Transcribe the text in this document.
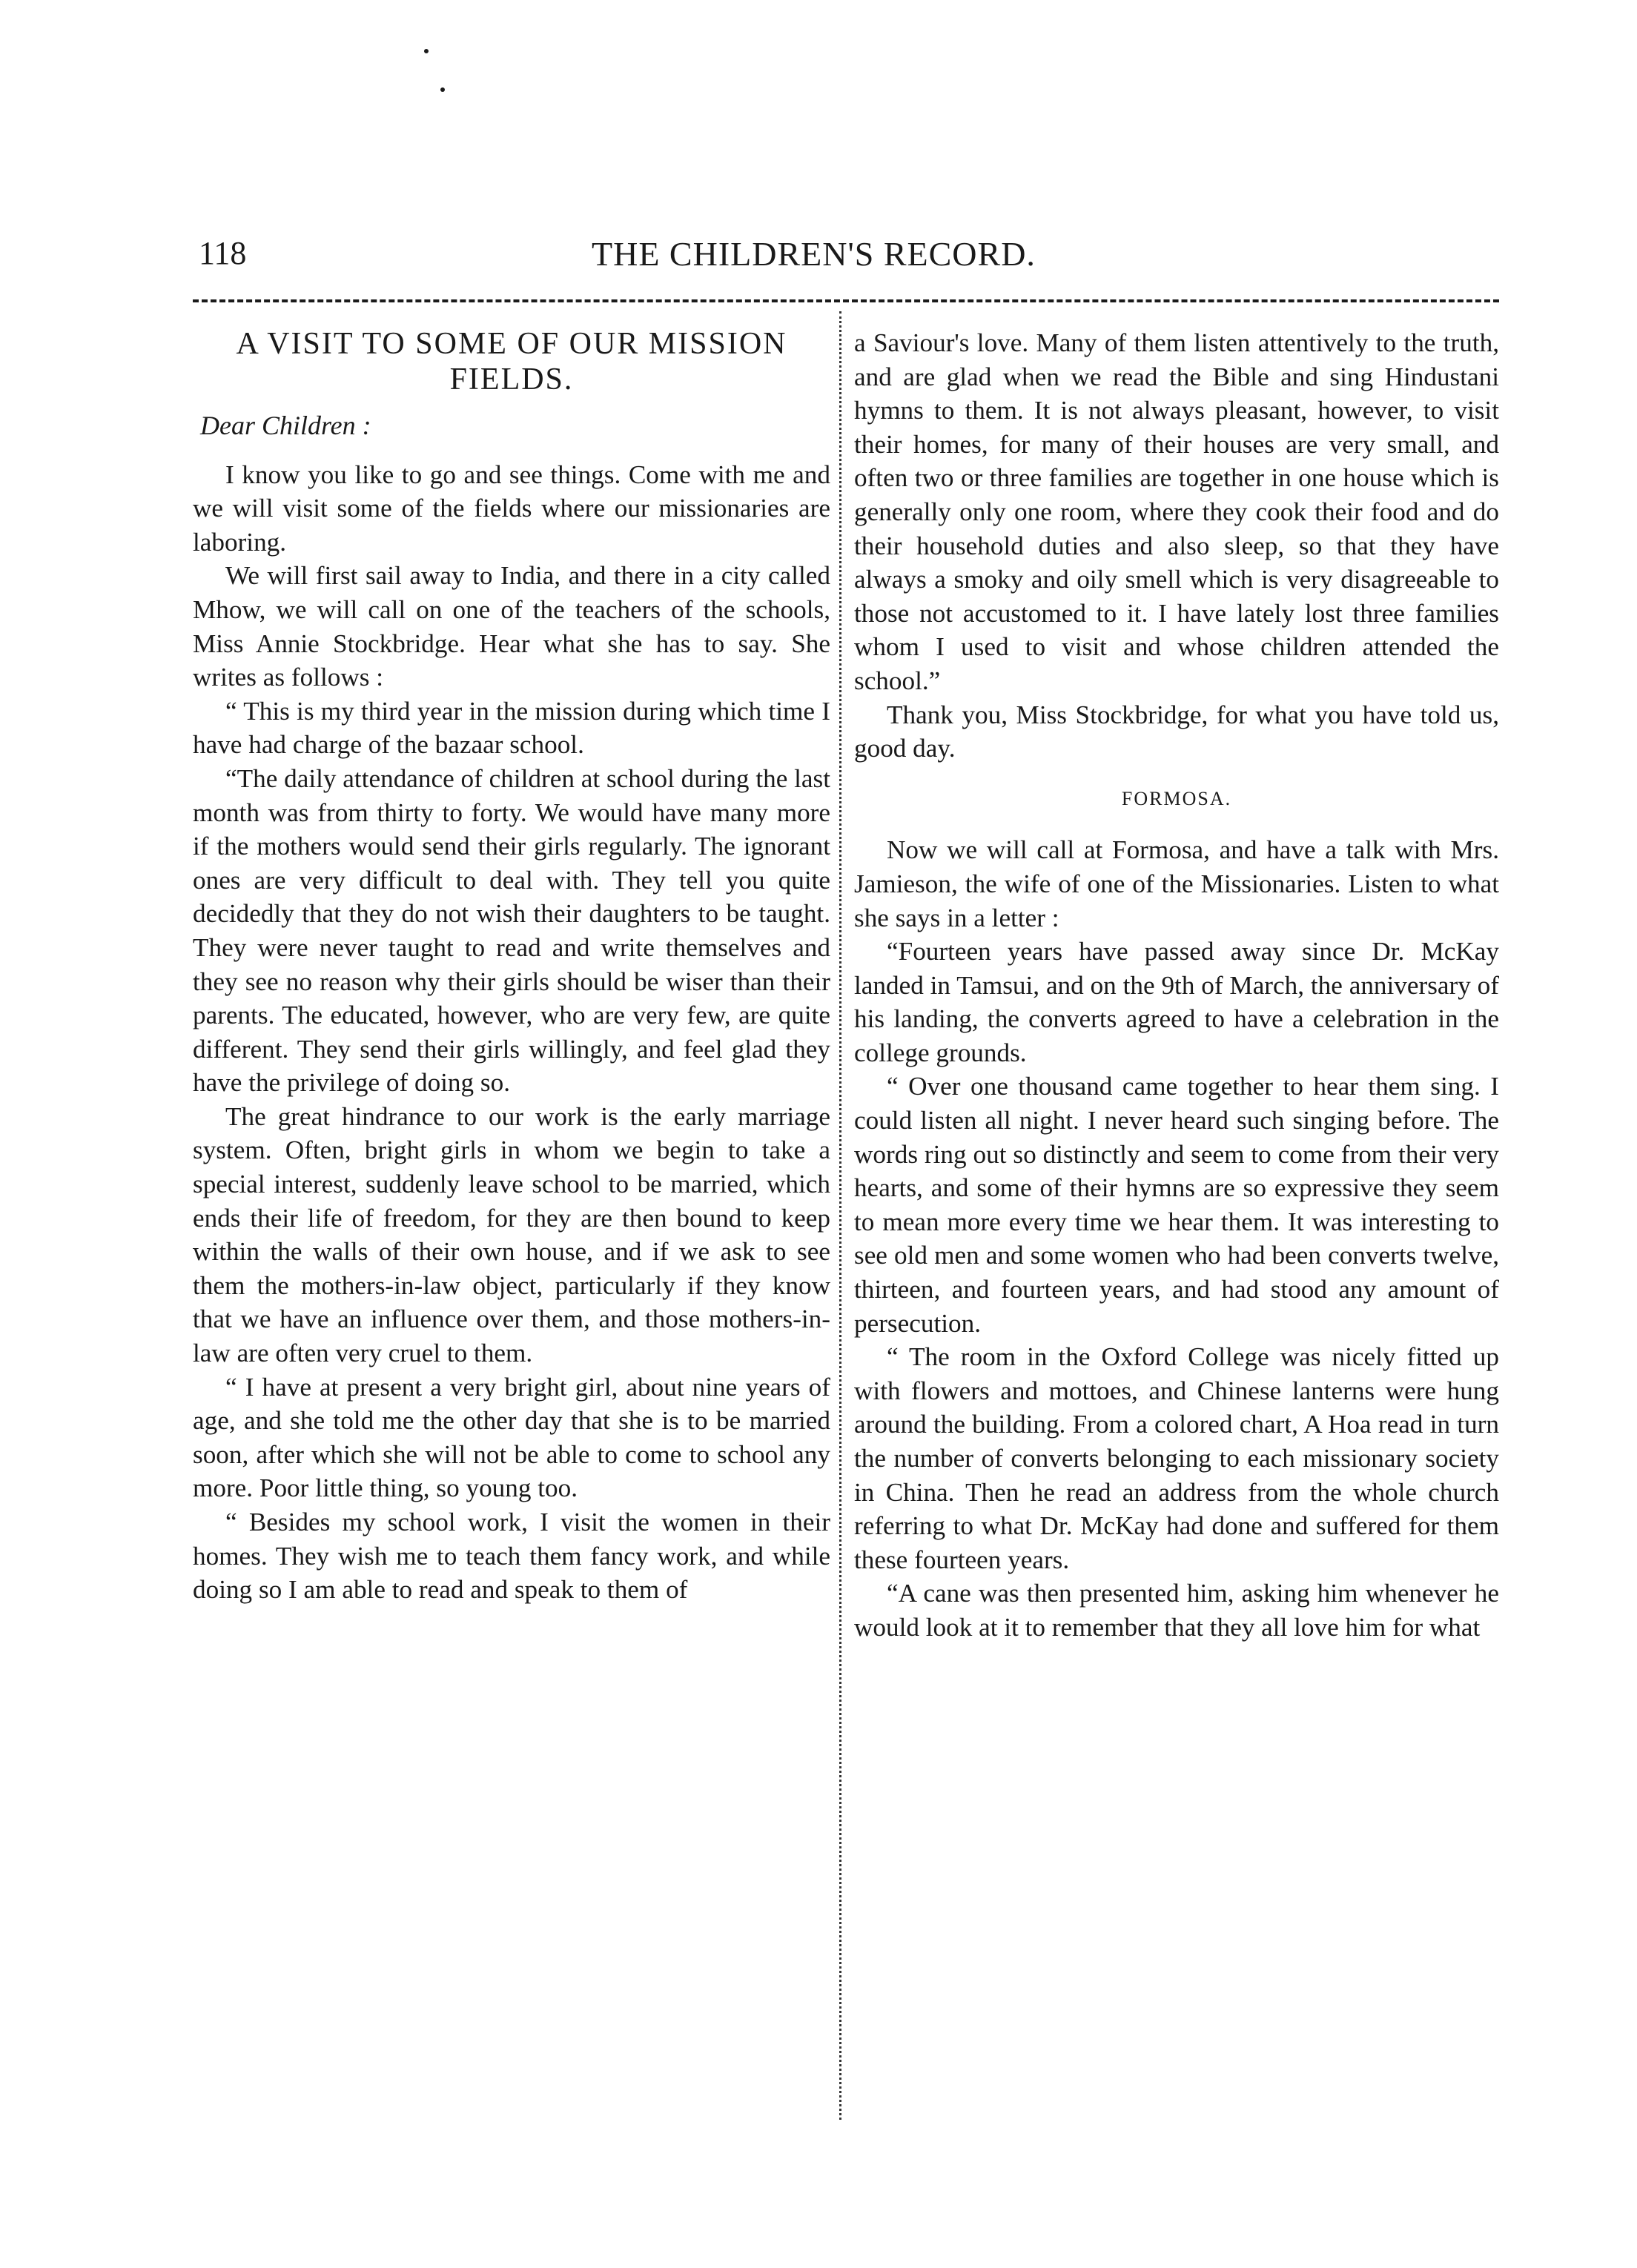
118	THE CHILDREN'S RECORD.
A VISIT TO SOME OF OUR MISSION FIELDS.

Dear Children :

I know you like to go and see things. Come with me and we will visit some of the fields where our missionaries are laboring.

We will first sail away to India, and there in a city called Mhow, we will call on one of the teachers of the schools, Miss Annie Stockbridge. Hear what she has to say. She writes as follows :

“ This is my third year in the mission during which time I have had charge of the bazaar school.

“The daily attendance of children at school during the last month was from thirty to forty. We would have many more if the mothers would send their girls regularly. The ignorant ones are very difficult to deal with. They tell you quite decidedly that they do not wish their daughters to be taught. They were never taught to read and write themselves and they see no reason why their girls should be wiser than their parents. The educated, however, who are very few, are quite different. They send their girls willingly, and feel glad they have the privilege of doing so.

The great hindrance to our work is the early marriage system. Often, bright girls in whom we begin to take a special interest, suddenly leave school to be married, which ends their life of freedom, for they are then bound to keep within the walls of their own house, and if we ask to see them the mothers-in-law object, particularly if they know that we have an influence over them, and those mothers-in-law are often very cruel to them.

“ I have at present a very bright girl, about nine years of age, and she told me the other day that she is to be married soon, after which she will not be able to come to school any more. Poor little thing, so young too.

“ Besides my school work, I visit the women in their homes. They wish me to teach them fancy work, and while doing so I am able to read and speak to them of

a Saviour's love. Many of them listen attentively to the truth, and are glad when we read the Bible and sing Hindustani hymns to them. It is not always pleasant, however, to visit their homes, for many of their houses are very small, and often two or three families are together in one house which is generally only one room, where they cook their food and do their household duties and also sleep, so that they have always a smoky and oily smell which is very disagreeable to those not accustomed to it. I have lately lost three families whom I used to visit and whose children attended the school.”

Thank you, Miss Stockbridge, for what you have told us, good day.

FORMOSA.

Now we will call at Formosa, and have a talk with Mrs. Jamieson, the wife of one of the Missionaries. Listen to what she says in a letter :

“Fourteen years have passed away since Dr. McKay landed in Tamsui, and on the 9th of March, the anniversary of his landing, the converts agreed to have a celebration in the college grounds.

“ Over one thousand came together to hear them sing. I could listen all night. I never heard such singing before. The words ring out so distinctly and seem to come from their very hearts, and some of their hymns are so expressive they seem to mean more every time we hear them. It was interesting to see old men and some women who had been converts twelve, thirteen, and fourteen years, and had stood any amount of persecution.

“ The room in the Oxford College was nicely fitted up with flowers and mottoes, and Chinese lanterns were hung around the building. From a colored chart, A Hoa read in turn the number of converts belonging to each missionary society in China. Then he read an address from the whole church referring to what Dr. McKay had done and suffered for them these fourteen years.

“A cane was then presented him, asking him whenever he would look at it to remember that they all love him for what
